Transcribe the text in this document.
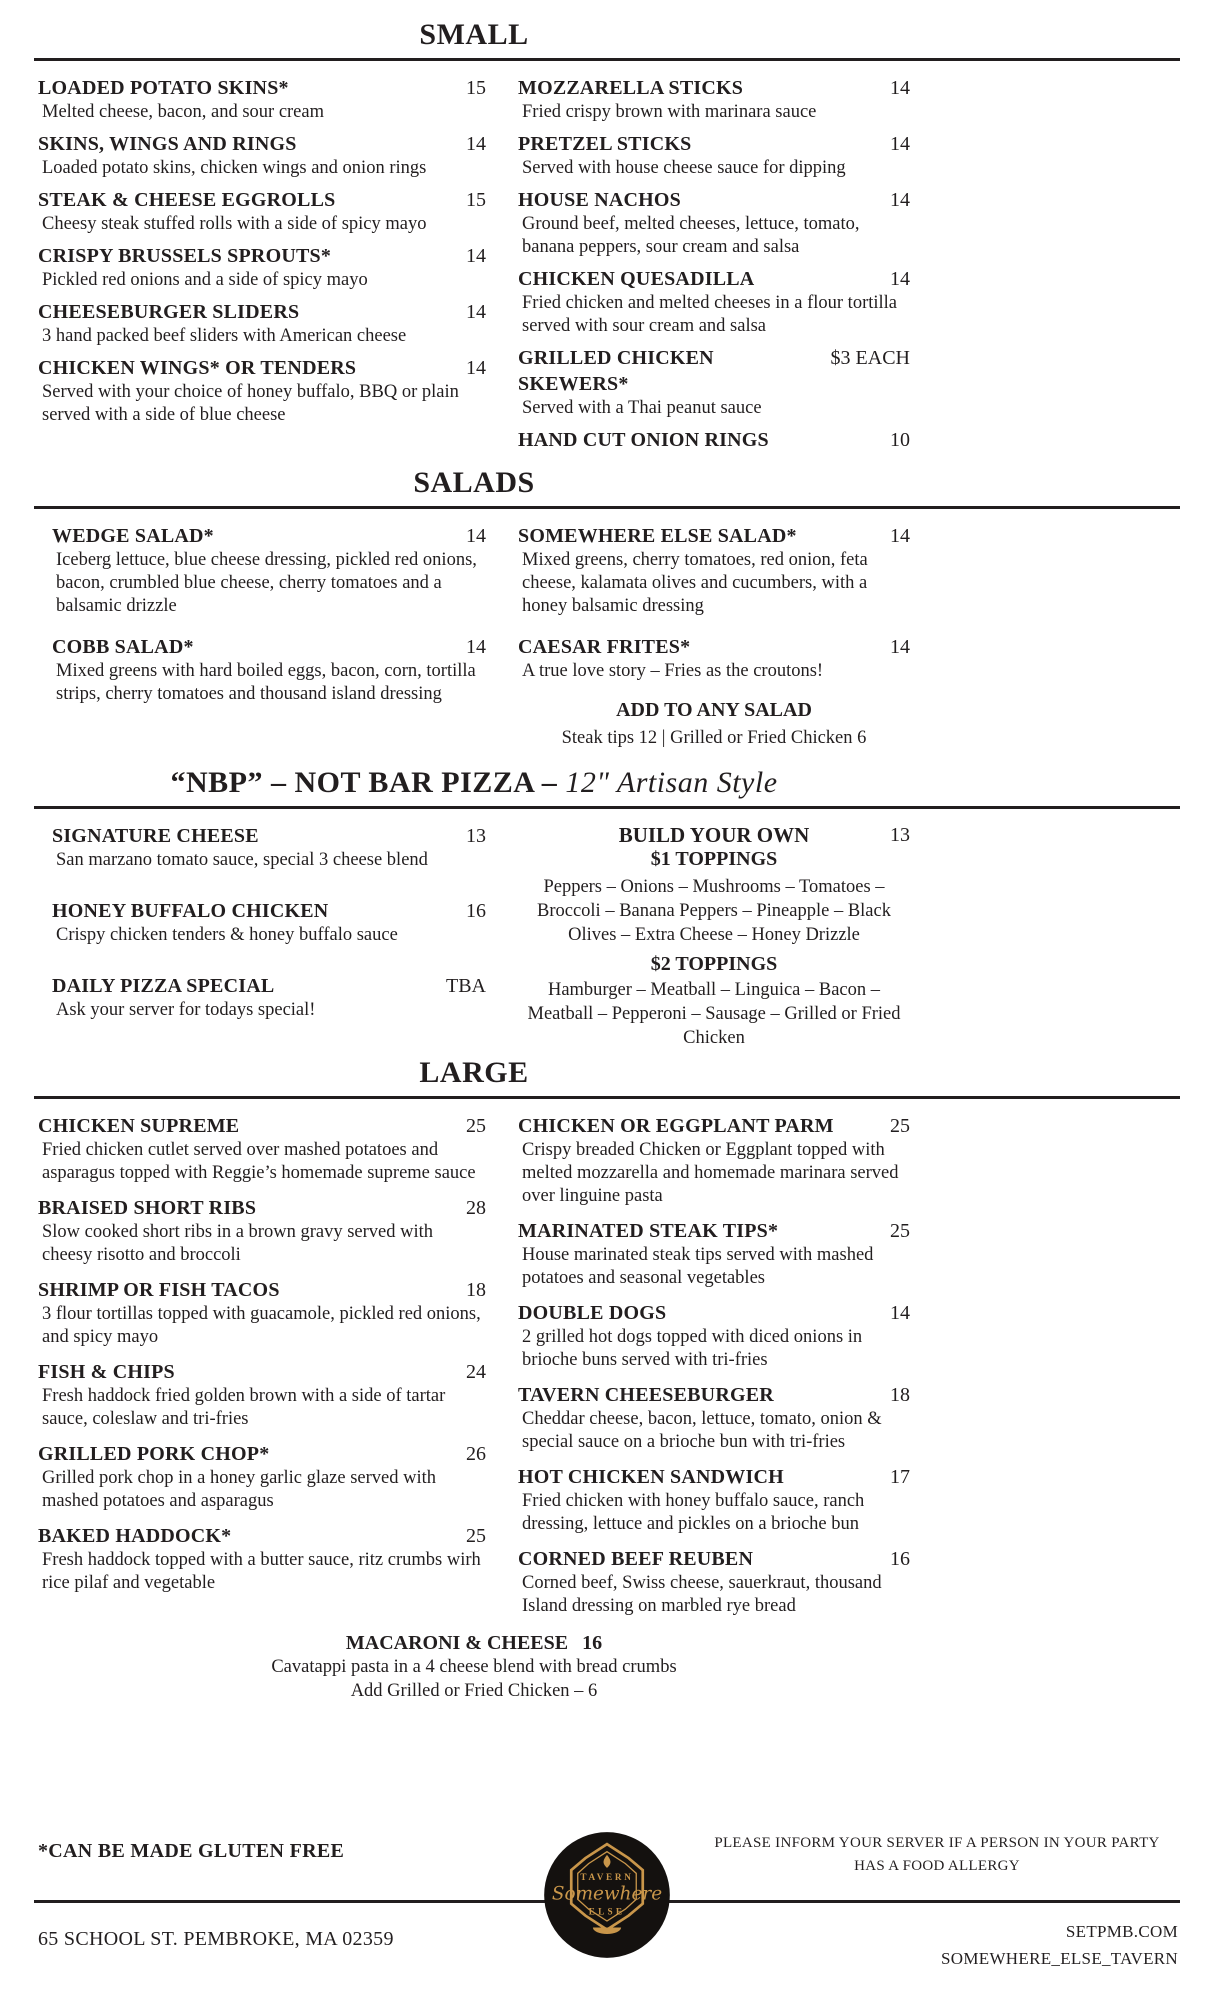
SMALL
LOADED POTATO SKINS*	15
Melted cheese, bacon, and sour cream
SKINS, WINGS AND RINGS	14
Loaded potato skins, chicken wings and onion rings
STEAK & CHEESE EGGROLLS	15
Cheesy steak stuffed rolls with a side of spicy mayo
CRISPY BRUSSELS SPROUTS*	14
Pickled red onions and a side of spicy mayo
CHEESEBURGER SLIDERS	14
3 hand packed beef sliders with American cheese
CHICKEN WINGS* OR TENDERS	14
Served with your choice of honey buffalo, BBQ or plain served with a side of blue cheese
MOZZARELLA STICKS	14
Fried crispy brown with marinara sauce
PRETZEL STICKS	14
Served with house cheese sauce for dipping
HOUSE NACHOS	14
Ground beef, melted cheeses, lettuce, tomato, banana peppers, sour cream and salsa
CHICKEN QUESADILLA	14
Fried chicken and melted cheeses in a flour tortilla served with sour cream and salsa
GRILLED CHICKEN SKEWERS*
$3 EACH
Served with a Thai peanut sauce
HAND CUT ONION RINGS	10
SALADS
WEDGE SALAD*	14
Iceberg lettuce, blue cheese dressing, pickled red onions, bacon, crumbled blue cheese, cherry tomatoes and a balsamic drizzle
COBB SALAD*	14
Mixed greens with hard boiled eggs, bacon, corn, tortilla strips, cherry tomatoes and thousand island dressing
SOMEWHERE ELSE SALAD*	14
Mixed greens, cherry tomatoes, red onion, feta cheese, kalamata olives and cucumbers, with a honey balsamic dressing
CAESAR FRITES*	14
A true love story – Fries as the croutons!
ADD TO ANY SALAD
Steak tips 12 | Grilled or Fried Chicken 6
“NBP” – NOT BAR PIZZA – 12" Artisan Style
SIGNATURE CHEESE	13
San marzano tomato sauce, special 3 cheese blend
HONEY BUFFALO CHICKEN	16
Crispy chicken tenders & honey buffalo sauce
DAILY PIZZA SPECIAL	TBA
Ask your server for todays special!
BUILD YOUR OWN	13
$1 TOPPINGS
Peppers – Onions – Mushrooms – Tomatoes – Broccoli – Banana Peppers – Pineapple – Black Olives – Extra Cheese – Honey Drizzle
$2 TOPPINGS
Hamburger – Meatball – Linguica – Bacon – Meatball – Pepperoni – Sausage – Grilled or Fried Chicken
LARGE
CHICKEN SUPREME	25
Fried chicken cutlet served over mashed potatoes and asparagus topped with Reggie’s homemade supreme sauce
BRAISED SHORT RIBS	28
Slow cooked short ribs in a brown gravy served with cheesy risotto and broccoli
SHRIMP OR FISH TACOS	18
3 flour tortillas topped with guacamole, pickled red onions, and spicy mayo
FISH & CHIPS	24
Fresh haddock fried golden brown with a side of tartar sauce, coleslaw and tri-fries
GRILLED PORK CHOP*	26
Grilled pork chop in a honey garlic glaze served with mashed potatoes and asparagus
BAKED HADDOCK*	25
Fresh haddock topped with a butter sauce, ritz crumbs wirh rice pilaf and vegetable
CHICKEN OR EGGPLANT PARM	25
Crispy breaded Chicken or Eggplant topped with melted mozzarella and homemade marinara served over linguine pasta
MARINATED STEAK TIPS*	25
House marinated steak tips served with mashed potatoes and seasonal vegetables
DOUBLE DOGS	14
2 grilled hot dogs topped with diced onions in brioche buns served with tri-fries
TAVERN CHEESEBURGER	18
Cheddar cheese, bacon, lettuce, tomato, onion & special sauce on a brioche bun with tri-fries
HOT CHICKEN SANDWICH	17
Fried chicken with honey buffalo sauce, ranch dressing, lettuce and pickles on a brioche bun
CORNED BEEF REUBEN	16
Corned beef, Swiss cheese, sauerkraut, thousand Island dressing on marbled rye bread
MACARONI & CHEESE 16
Cavatappi pasta in a 4 cheese blend with bread crumbs
Add Grilled or Fried Chicken – 6
*CAN BE MADE GLUTEN FREE	PLEASE INFORM YOUR SERVER IF A PERSON IN YOUR PARTY HAS A FOOD ALLERGY
TAVERN
Somewhere
ELSE
65 SCHOOL ST. PEMBROKE, MA 02359	SETPMB.COM
SOMEWHERE_ELSE_TAVERN
